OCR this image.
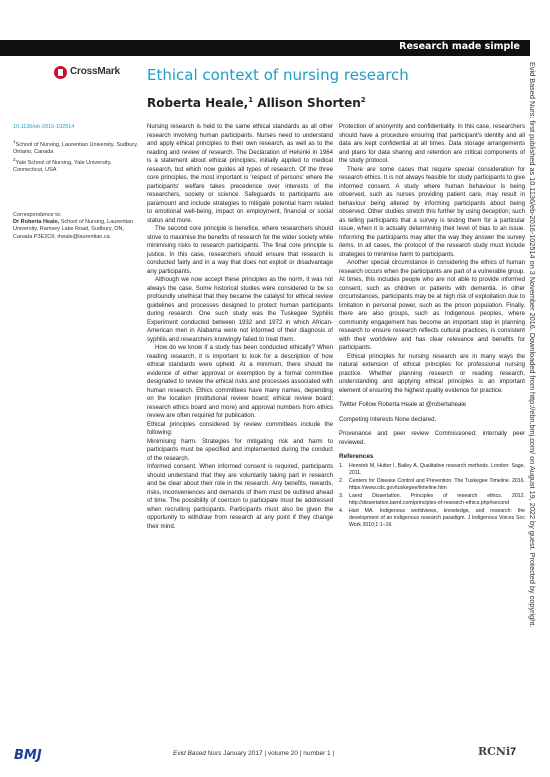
Research made simple
CrossMark Ethical context of nursing research
Roberta Heale,$^1$ Allison Shorten$^2$
10.1136/eb-2016-102514
$^1$School of Nursing, Laurentian University, Sudbury, Ontario, Canada
$^2$Yale School of Nursing, Yale University, Connecticut, USA
Correspondence to:
Dr Roberta Heale, School of Nursing, Laurentian University, Ramsey Lake Road, Sudbury, ON, Canada P3E2C6; rheale@laurentian.ca

Nursing research is held to the same ethical standards as all other research involving human participants. Nurses need to understand and apply ethical principles to their own research, as well as to the reading and review of research. The Declaration of Helsinki in 1964 is a statement about ethical principles, initially applied to medical research, but which now guides all types of research. Of the three core principles, the most important is 'respect of persons' where the participants' welfare takes precedence over interests of the researchers, society or science. Safeguards to participants are paramount and include strategies to mitigate potential harm related to emotional well-being, impact on employment, financial or social status and more.

The second core principle is benefice, where researchers should strive to maximise the benefits of research for the wider society while minimising risks to research participants. The final core principle is justice. In this case, researchers should ensure that research is conducted fairly and in a way that does not exploit or disadvantage any participants.

Although we now accept these principles as the norm, it was not always the case. Some historical studies were considered to be so profoundly unethical that they became the catalyst for ethical review guidelines and processes designed to protect human participants during research. One such study was the Tuskegee Syphilis Experiment conducted between 1932 and 1972 in which African-American men in Alabama were not informed of their diagnosis of syphilis and researchers knowingly failed to treat them.

How do we know if a study has been conducted ethically? When reading research, it is important to look for a description of how ethical standards were upheld. At a minimum, there should be evidence of either approval or exemption by a formal committee designated to review the ethical risks and processes associated with human research. Ethics committees have many names, depending on the location (institutional review board; ethical review board; research ethics board and more) and approval numbers from ethics review are often required for publication.

Ethical principles considered by review committees include the following:

Minimising harm. Strategies for mitigating risk and harm to participants must be specified and implemented during the conduct of the research.

Informed consent. When informed consent is required, participants should understand that they are voluntarily taking part in research and be clear about their role in the research. Any benefits, rewards, risks, inconveniences and demands of them must be outlined ahead of time. The possibility of coercion to participate must be addressed when recruiting participants. Participants must also be given the opportunity to withdraw from research at any point if they change their mind.

Protection of anonymity and confidentiality. In this case, researchers should have a procedure ensuring that participant's identity and all data are kept confidential at all times. Data storage arrangements and plans for data sharing and retention are critical components of the study protocol.

There are some cases that require special consideration for research ethics. It is not always feasible for study participants to give informed consent. A study where human behaviour is being observed, such as nurses providing patient care, may result in behaviour being altered by informing participants about being observed. Other studies stretch this further by using deception; such as telling participants that a survey is testing them for a particular issue, when it is actually determining their level of bias to an issue. Informing the participants may alter the way they answer the survey items. In all cases, the protocol of the research study must include strategies to minimise harm to participants.

Another special circumstance in considering the ethics of human research occurs when the participants are part of a vulnerable group. At times, this includes people who are not able to provide informed consent, such as children or patients with dementia. In other circumstances, participants may be at high risk of exploitation due to limitation in personal power, such as the prison population. Finally, there are also groups, such as Indigenous peoples, where community engagement has become an important step in planning research to ensure research reflects cultural practices, is consistent with their worldview and has clear relevance and benefits for participants.

Ethical principles for nursing research are in many ways the natural extension of ethical principles for professional nursing practice. Whether planning research or reading research, understanding and applying ethical principles is an important element of ensuring the highest quality evidence for practice.

Twitter Follow Roberta Heale at @robertaheale

Competing interests None declared.

Provenance and peer review Commissioned; internally peer reviewed.

References
1.	Hennink M, Hutter I, Bailey A. Qualitative research methods. London: Sage, 2011.
2.	Centers for Disease Control and Prevention. The Tuskegee Timeline. 2016. https://www.cdc.gov/tuskegee/timeline.htm
3.	Laerd Dissertation. Principles of research ethics. 2012. http://dissertation.laerd.com/principles-of-research-ethics.php#second
4.	Hart MA. Indigenous worldviews, knowledge, and research: the development of an indigenous research paradigm. J Indigenous Voices Soc Work 2010;1:1–16.	Evid Based Nurs: first published as 10.1136/eb-2016-102514 on 3 November 2016. Downloaded from http://ebn.bmj.com/ on August 19, 2022 by guest. Protected by copyright.
BMJ	Evid Based Nurs January 2017 | volume 20 | number 1 |	RCNi 7
